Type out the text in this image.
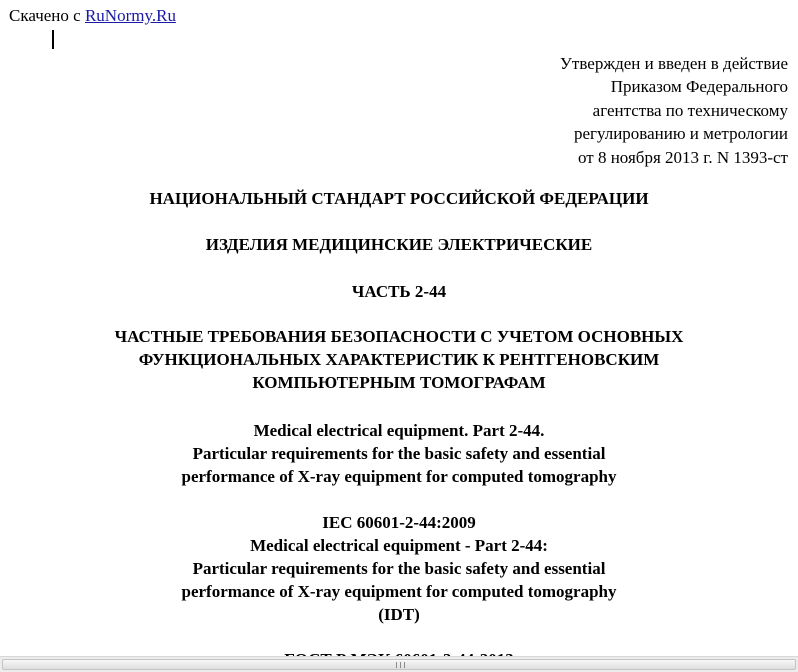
Скачено с RuNormy.Ru
Утвержден и введен в действие
Приказом Федерального
агентства по техническому
регулированию и метрологии
от 8 ноября 2013 г. N 1393-ст
НАЦИОНАЛЬНЫЙ СТАНДАРТ РОССИЙСКОЙ ФЕДЕРАЦИИ
ИЗДЕЛИЯ МЕДИЦИНСКИЕ ЭЛЕКТРИЧЕСКИЕ
ЧАСТЬ 2-44
ЧАСТНЫЕ ТРЕБОВАНИЯ БЕЗОПАСНОСТИ С УЧЕТОМ ОСНОВНЫХ
ФУНКЦИОНАЛЬНЫХ ХАРАКТЕРИСТИК К РЕНТГЕНОВСКИМ
КОМПЬЮТЕРНЫМ ТОМОГРАФАМ
Medical electrical equipment. Part 2-44.
Particular requirements for the basic safety and essential
performance of X-ray equipment for computed tomography
IEC 60601-2-44:2009
Medical electrical equipment - Part 2-44:
Particular requirements for the basic safety and essential
performance of X-ray equipment for computed tomography
(IDT)
